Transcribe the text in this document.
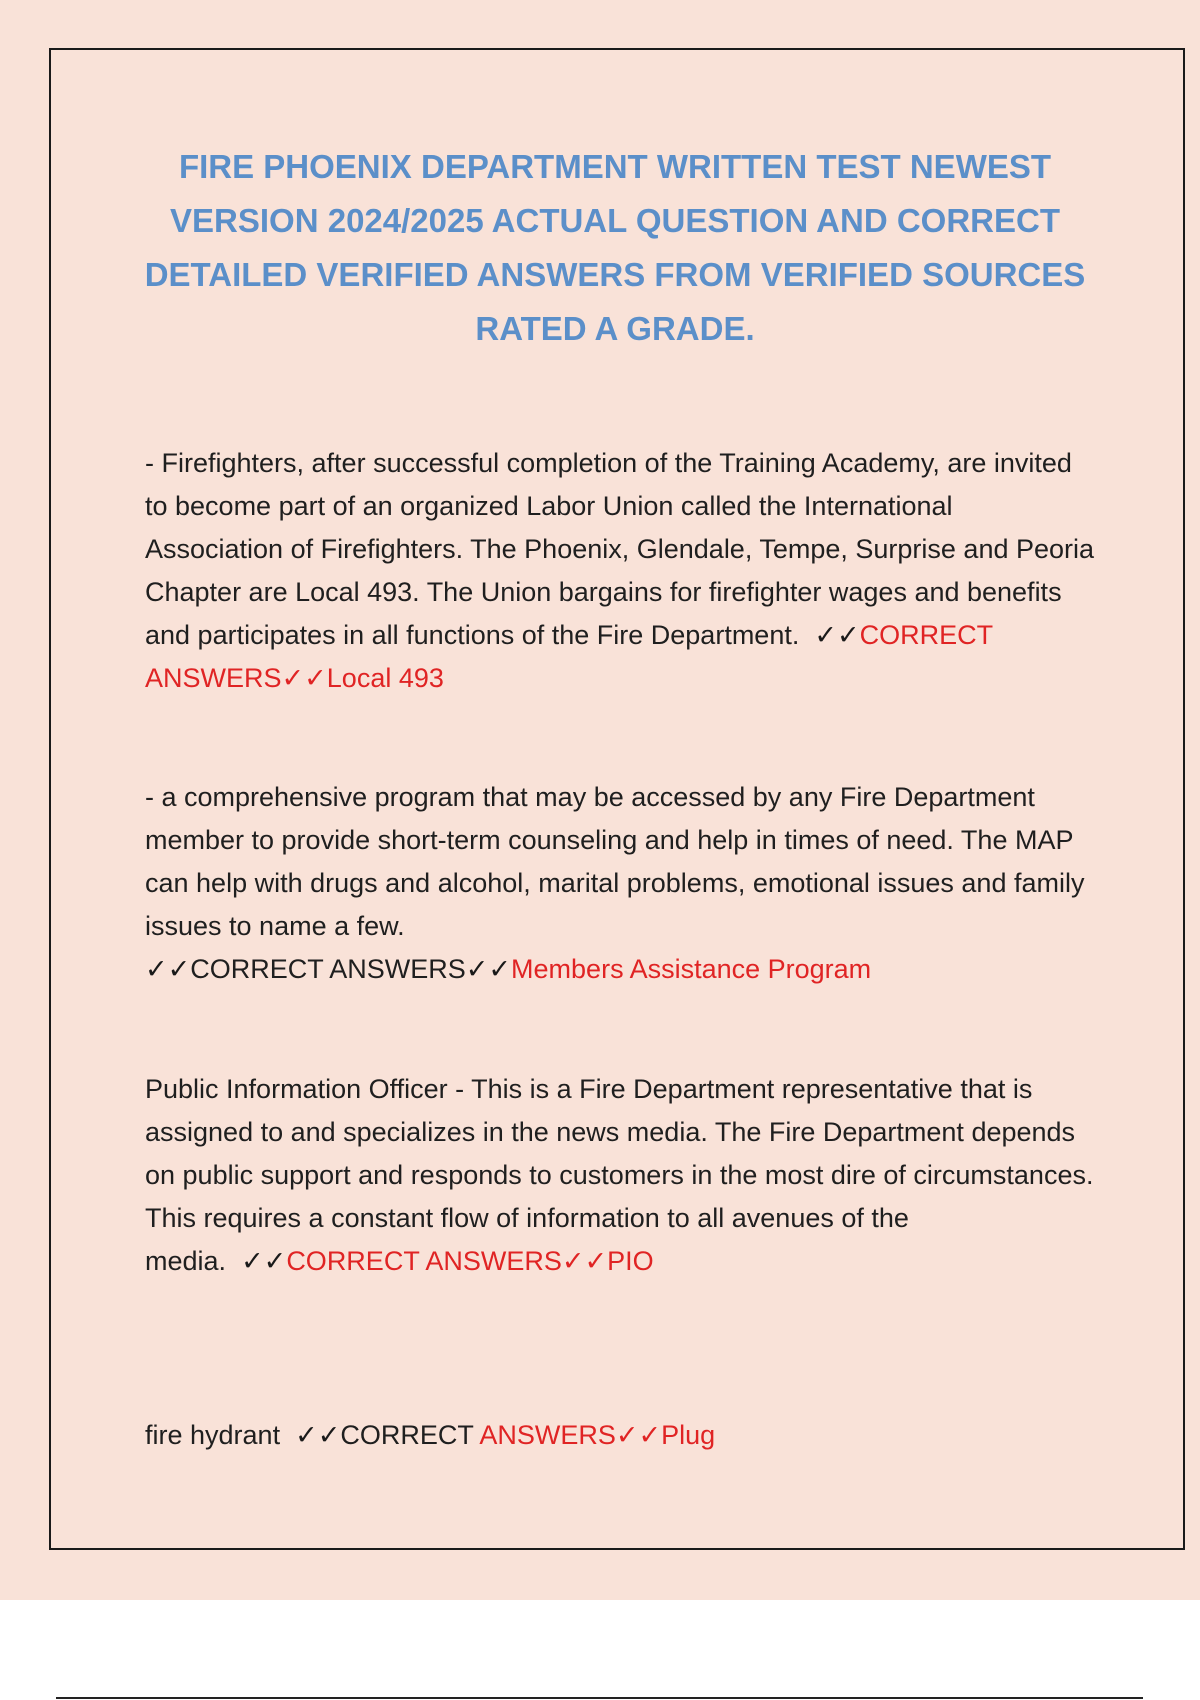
FIRE PHOENIX DEPARTMENT WRITTEN TEST NEWEST VERSION 2024/2025 ACTUAL QUESTION AND CORRECT DETAILED VERIFIED ANSWERS FROM VERIFIED SOURCES RATED A GRADE.

- Firefighters, after successful completion of the Training Academy, are invited to become part of an organized Labor Union called the International Association of Firefighters. The Phoenix, Glendale, Tempe, Surprise and Peoria Chapter are Local 493. The Union bargains for firefighter wages and benefits and participates in all functions of the Fire Department. ✓✓CORRECT ANSWERS✓✓Local 493

- a comprehensive program that may be accessed by any Fire Department member to provide short-term counseling and help in times of need. The MAP can help with drugs and alcohol, marital problems, emotional issues and family issues to name a few.
✓✓CORRECT ANSWERS✓✓Members Assistance Program

Public Information Officer - This is a Fire Department representative that is assigned to and specializes in the news media. The Fire Department depends on public support and responds to customers in the most dire of circumstances. This requires a constant flow of information to all avenues of the media. ✓✓CORRECT ANSWERS✓✓PIO

fire hydrant ✓✓CORRECT ANSWERS✓✓Plug
